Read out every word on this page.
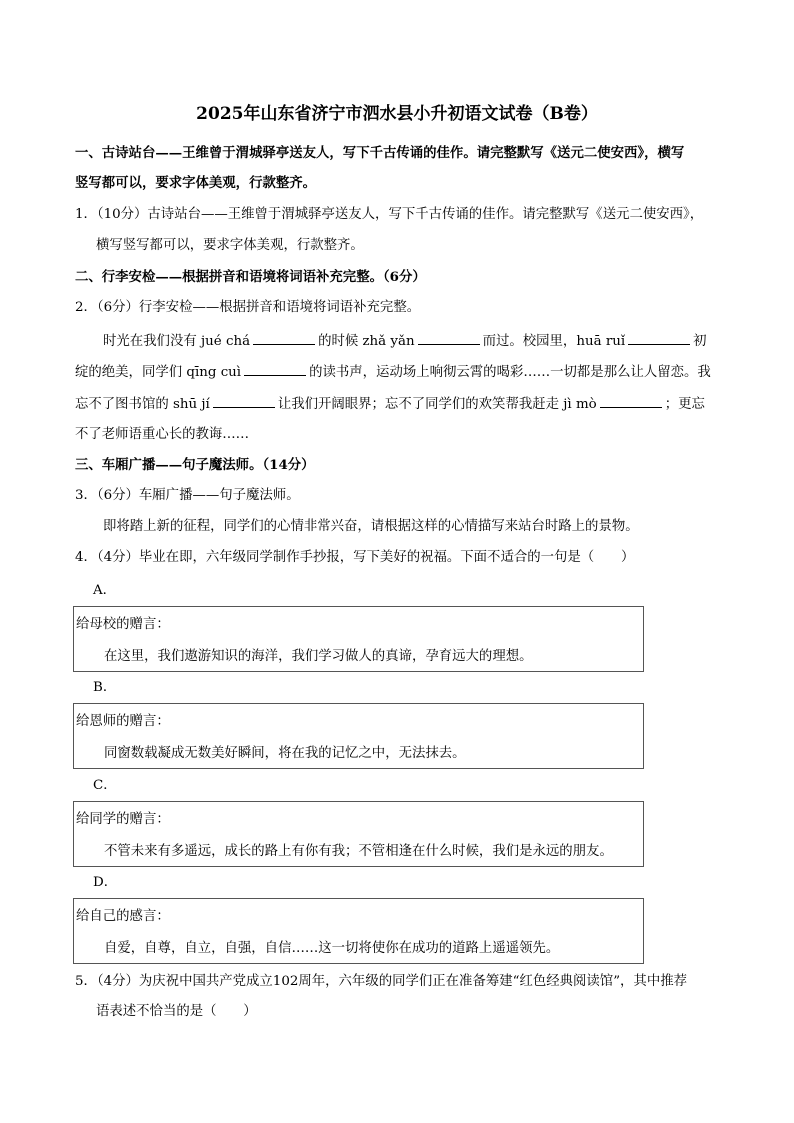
2025年山东省济宁市泗水县小升初语文试卷（B卷）
一、古诗站台——王维曾于渭城驿亭送友人，写下千古传诵的佳作。请完整默写《送元二使安西》，横写
竖写都可以，要求字体美观，行款整齐。
1．（10分）古诗站台——王维曾于渭城驿亭送友人，写下千古传诵的佳作。请完整默写《送元二使安西》，
横写竖写都可以，要求字体美观，行款整齐。
二、行李安检——根据拼音和语境将词语补充完整。（6分）
2．（6分）行李安检——根据拼音和语境将词语补充完整。
时光在我们没有 jué chá	的时候 zhǎ yǎn	而过。校园里，huā ruǐ	初
绽的绝美，同学们 qīng cuì	的读书声，运动场上响彻云霄的喝彩……一切都是那么让人留恋。我
忘不了图书馆的 shū jí	让我们开阔眼界；忘不了同学们的欢笑帮我赶走 jì mò	；更忘
不了老师语重心长的教诲……
三、车厢广播——句子魔法师。（14分）
3．（6分）车厢广播——句子魔法师。
即将踏上新的征程，同学们的心情非常兴奋，请根据这样的心情描写来站台时路上的景物。
4．（4分）毕业在即，六年级同学制作手抄报，写下美好的祝福。下面不适合的一句是（　　）
A．
给母校的赠言：
在这里，我们遨游知识的海洋，我们学习做人的真谛，孕育远大的理想。
B．
给恩师的赠言：
同窗数载凝成无数美好瞬间，将在我的记忆之中，无法抹去。
C．
给同学的赠言：
不管未来有多遥远，成长的路上有你有我；不管相逢在什么时候，我们是永远的朋友。
D．
给自己的感言：
自爱，自尊，自立，自强，自信……这一切将使你在成功的道路上遥遥领先。
5．（4分）为庆祝中国共产党成立102周年，六年级的同学们正在准备筹建“红色经典阅读馆”，其中推荐
语表述不恰当的是（　　）
